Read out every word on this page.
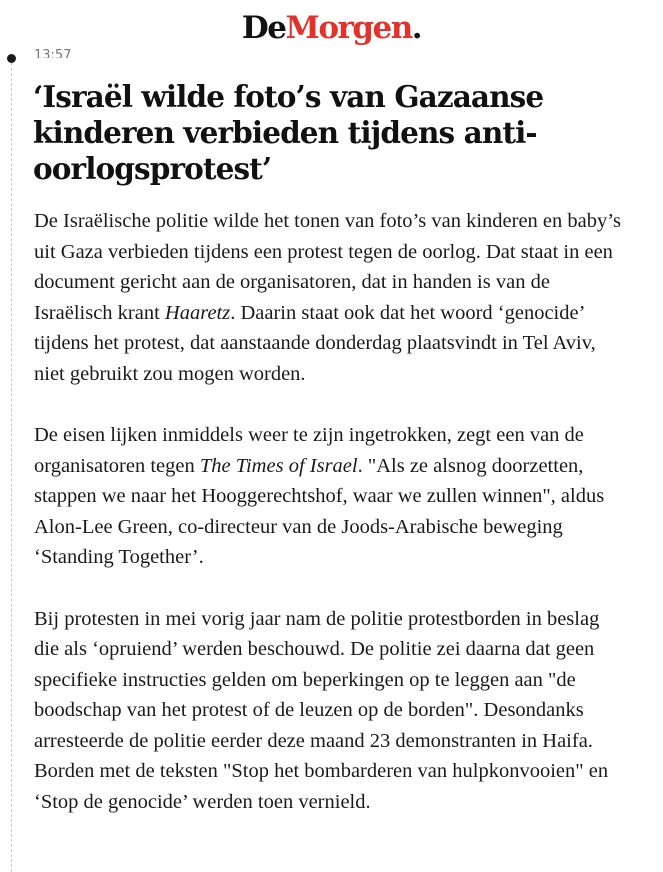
DeMorgen.
13:57
‘Israël wilde foto’s van Gazaanse kinderen verbieden tijdens anti-oorlogsprotest’

De Israëlische politie wilde het tonen van foto’s van kinderen en baby’s uit Gaza verbieden tijdens een protest tegen de oorlog. Dat staat in een document gericht aan de organisatoren, dat in handen is van de Israëlisch krant Haaretz. Daarin staat ook dat het woord ‘genocide’ tijdens het protest, dat aanstaande donderdag plaatsvindt in Tel Aviv, niet gebruikt zou mogen worden.

De eisen lijken inmiddels weer te zijn ingetrokken, zegt een van de organisatoren tegen The Times of Israel. "Als ze alsnog doorzetten, stappen we naar het Hooggerechtshof, waar we zullen winnen", aldus Alon-Lee Green, co-directeur van de Joods-Arabische beweging ‘Standing Together’.

Bij protesten in mei vorig jaar nam de politie protestborden in beslag die als ‘opruiend’ werden beschouwd. De politie zei daarna dat geen specifieke instructies gelden om beperkingen op te leggen aan "de boodschap van het protest of de leuzen op de borden". Desondanks arresteerde de politie eerder deze maand 23 demonstranten in Haifa. Borden met de teksten "Stop het bombarderen van hulpkonvooien" en ‘Stop de genocide’ werden toen vernield.
